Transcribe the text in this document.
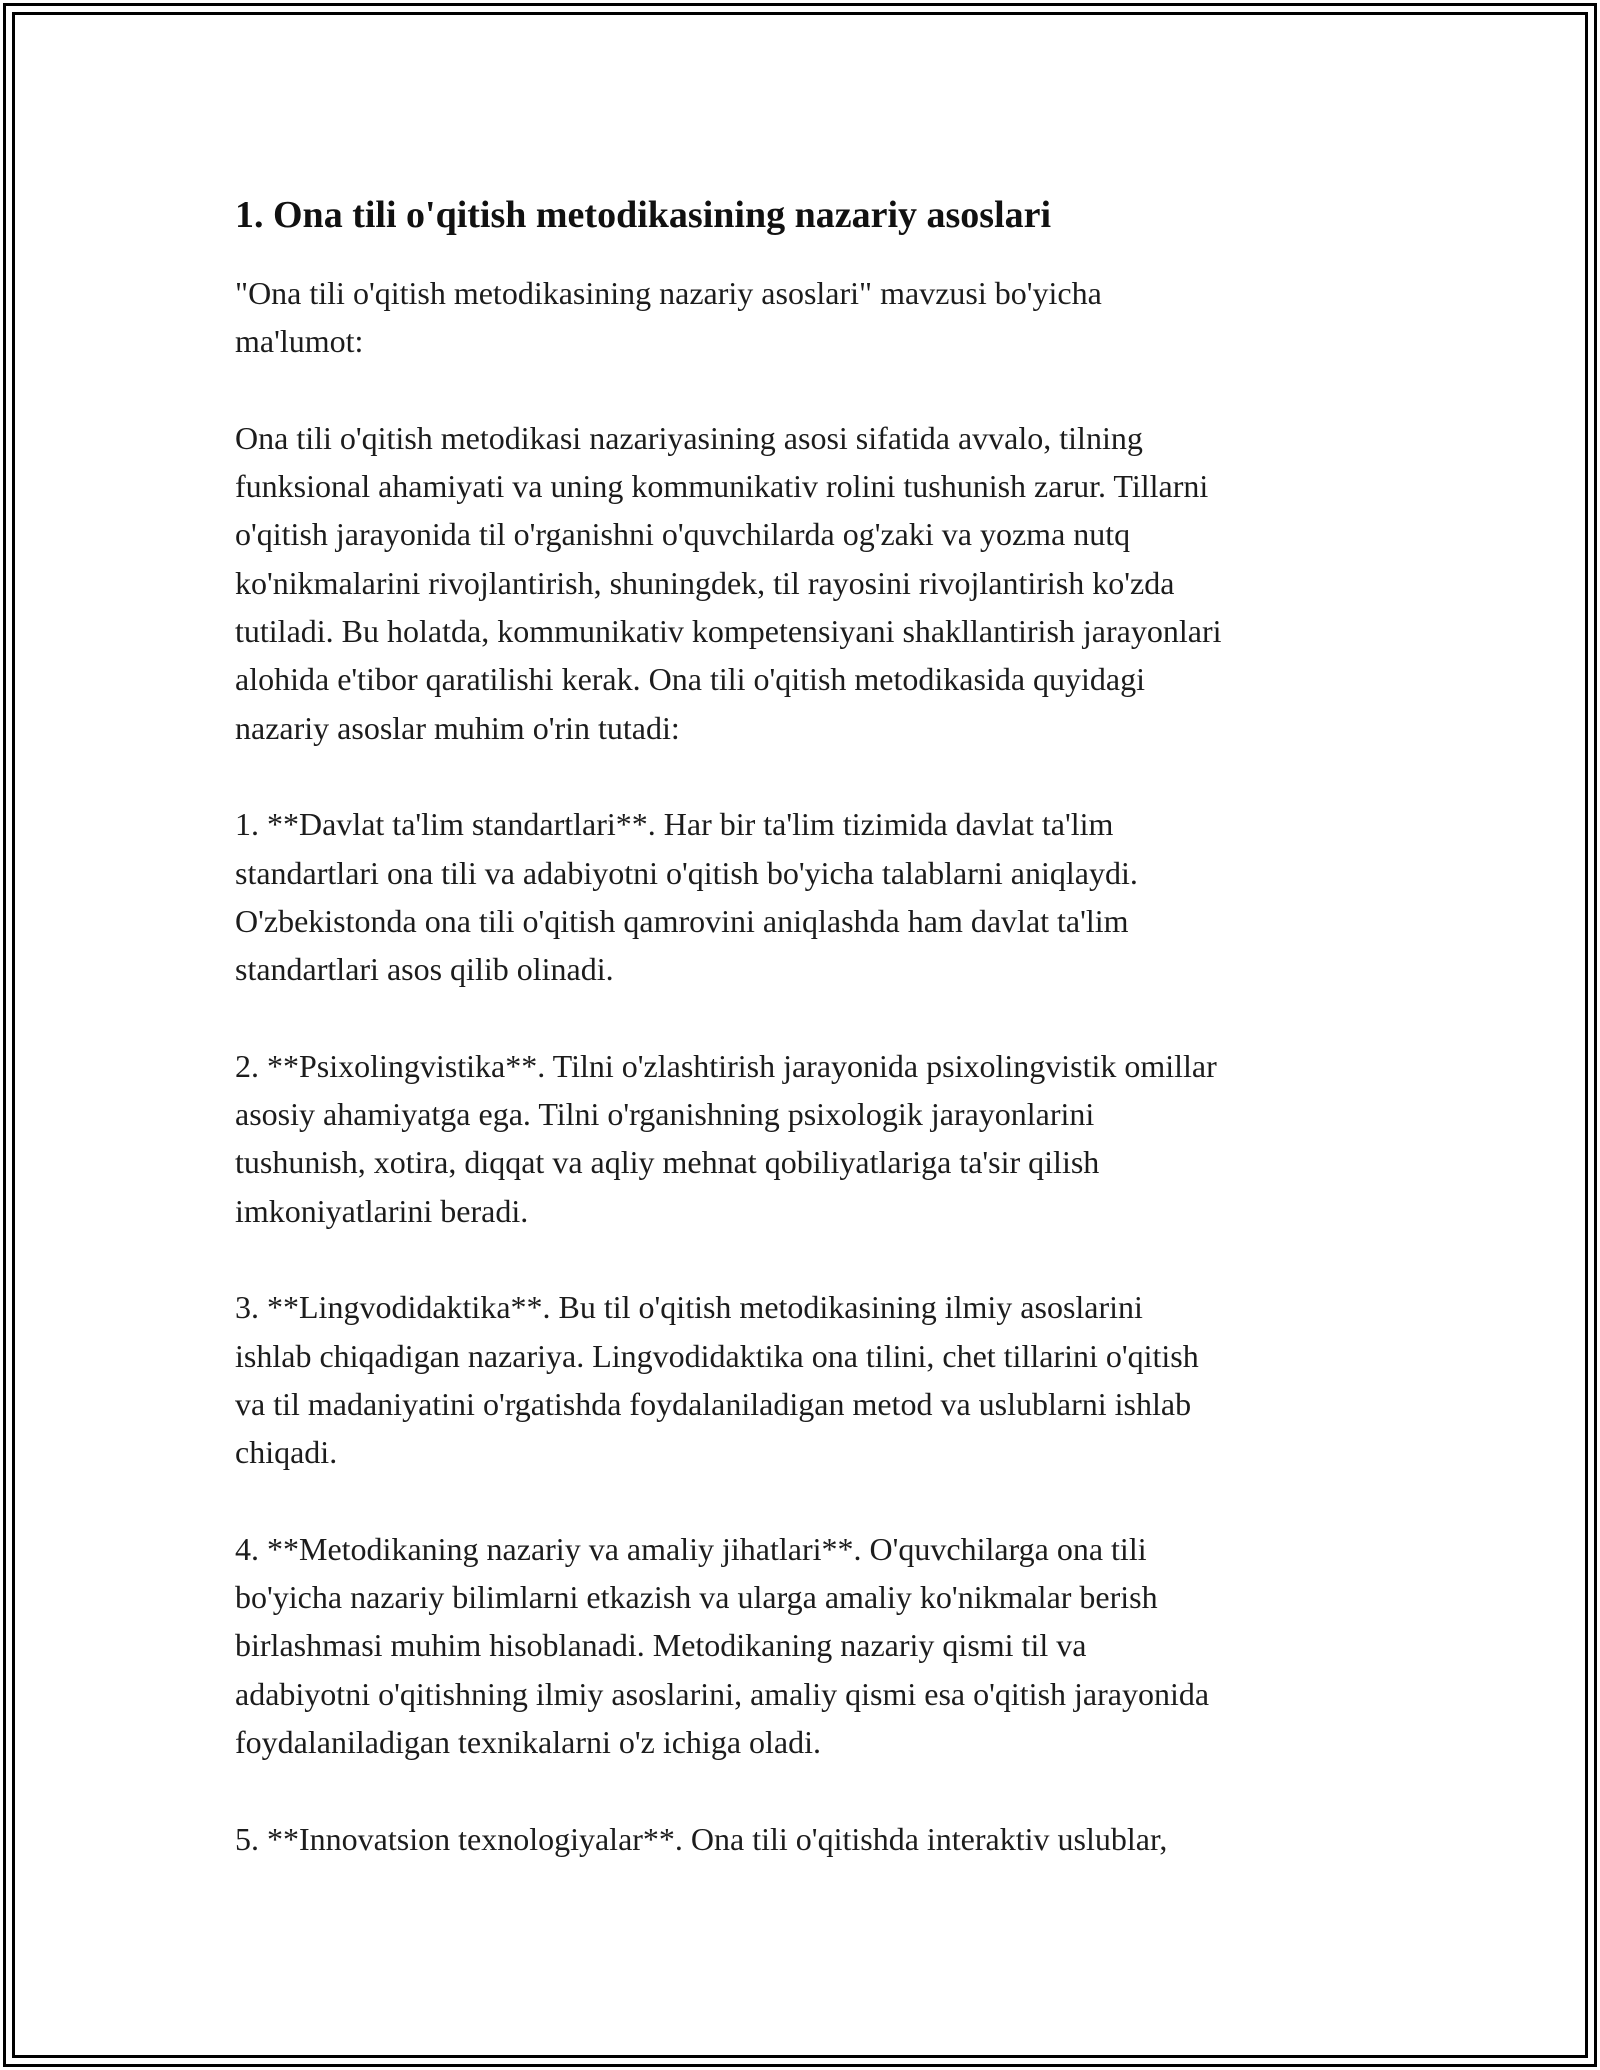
1. Ona tili o'qitish metodikasining nazariy asoslari

"Ona tili o'qitish metodikasining nazariy asoslari" mavzusi bo'yicha
ma'lumot:

Ona tili o'qitish metodikasi nazariyasining asosi sifatida avvalo, tilning
funksional ahamiyati va uning kommunikativ rolini tushunish zarur. Tillarni
o'qitish jarayonida til o'rganishni o'quvchilarda og'zaki va yozma nutq
ko'nikmalarini rivojlantirish, shuningdek, til rayosini rivojlantirish ko'zda
tutiladi. Bu holatda, kommunikativ kompetensiyani shakllantirish jarayonlari
alohida e'tibor qaratilishi kerak. Ona tili o'qitish metodikasida quyidagi
nazariy asoslar muhim o'rin tutadi:

1. **Davlat ta'lim standartlari**. Har bir ta'lim tizimida davlat ta'lim
standartlari ona tili va adabiyotni o'qitish bo'yicha talablarni aniqlaydi.
O'zbekistonda ona tili o'qitish qamrovini aniqlashda ham davlat ta'lim
standartlari asos qilib olinadi.

2. **Psixolingvistika**. Tilni o'zlashtirish jarayonida psixolingvistik omillar
asosiy ahamiyatga ega. Tilni o'rganishning psixologik jarayonlarini
tushunish, xotira, diqqat va aqliy mehnat qobiliyatlariga ta'sir qilish
imkoniyatlarini beradi.

3. **Lingvodidaktika**. Bu til o'qitish metodikasining ilmiy asoslarini
ishlab chiqadigan nazariya. Lingvodidaktika ona tilini, chet tillarini o'qitish
va til madaniyatini o'rgatishda foydalaniladigan metod va uslublarni ishlab
chiqadi.

4. **Metodikaning nazariy va amaliy jihatlari**. O'quvchilarga ona tili
bo'yicha nazariy bilimlarni etkazish va ularga amaliy ko'nikmalar berish
birlashmasi muhim hisoblanadi. Metodikaning nazariy qismi til va
adabiyotni o'qitishning ilmiy asoslarini, amaliy qismi esa o'qitish jarayonida
foydalaniladigan texnikalarni o'z ichiga oladi.

5. **Innovatsion texnologiyalar**. Ona tili o'qitishda interaktiv uslublar,
